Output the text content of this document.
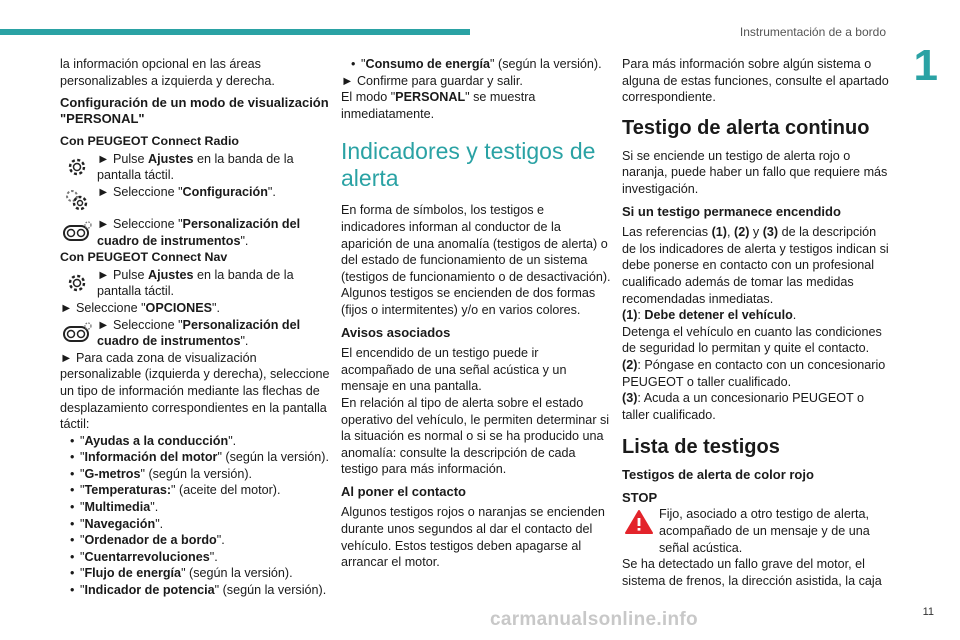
Instrumentación de a bordo
1

la información opcional en las áreas personalizables a izquierda y derecha.

Configuración de un modo de visualización "PERSONAL"

Con PEUGEOT Connect Radio

► Pulse Ajustes en la banda de la pantalla táctil.

► Seleccione "Configuración".

► Seleccione "Personalización del cuadro de instrumentos".

Con PEUGEOT Connect Nav

► Pulse Ajustes en la banda de la pantalla táctil.

► Seleccione "OPCIONES".

► Seleccione "Personalización del cuadro de instrumentos".

► Para cada zona de visualización personalizable (izquierda y derecha), seleccione un tipo de información mediante las flechas de desplazamiento correspondientes en la pantalla táctil:

• "Ayudas a la conducción".
• "Información del motor" (según la versión).
• "G-metros" (según la versión).
• "Temperaturas:" (aceite del motor).
• "Multimedia".
• "Navegación".
• "Ordenador de a bordo".
• "Cuentarrevoluciones".
• "Flujo de energía" (según la versión).
• "Indicador de potencia" (según la versión).
• "Consumo de energía" (según la versión).

► Confirme para guardar y salir.

El modo "PERSONAL" se muestra inmediatamente.

Indicadores y testigos de alerta

En forma de símbolos, los testigos e indicadores informan al conductor de la aparición de una anomalía (testigos de alerta) o del estado de funcionamiento de un sistema (testigos de funcionamiento o de desactivación). Algunos testigos se encienden de dos formas (fijos o intermitentes) y/o en varios colores.

Avisos asociados

El encendido de un testigo puede ir acompañado de una señal acústica y un mensaje en una pantalla.

En relación al tipo de alerta sobre el estado operativo del vehículo, le permiten determinar si la situación es normal o si se ha producido una anomalía: consulte la descripción de cada testigo para más información.

Al poner el contacto

Algunos testigos rojos o naranjas se encienden durante unos segundos al dar el contacto del vehículo. Estos testigos deben apagarse al arrancar el motor.

Para más información sobre algún sistema o alguna de estas funciones, consulte el apartado correspondiente.

Testigo de alerta continuo

Si se enciende un testigo de alerta rojo o naranja, puede haber un fallo que requiere más investigación.

Si un testigo permanece encendido

Las referencias (1), (2) y (3) de la descripción de los indicadores de alerta y testigos indican si debe ponerse en contacto con un profesional cualificado además de tomar las medidas recomendadas inmediatas.

(1): Debe detener el vehículo.

Detenga el vehículo en cuanto las condiciones de seguridad lo permitan y quite el contacto.

(2): Póngase en contacto con un concesionario PEUGEOT o taller cualificado.

(3): Acuda a un concesionario PEUGEOT o taller cualificado.

Lista de testigos

Testigos de alerta de color rojo

STOP

Fijo, asociado a otro testigo de alerta, acompañado de un mensaje y de una señal acústica.

Se ha detectado un fallo grave del motor, el sistema de frenos, la dirección asistida, la caja

carmanualsonline.info	11
